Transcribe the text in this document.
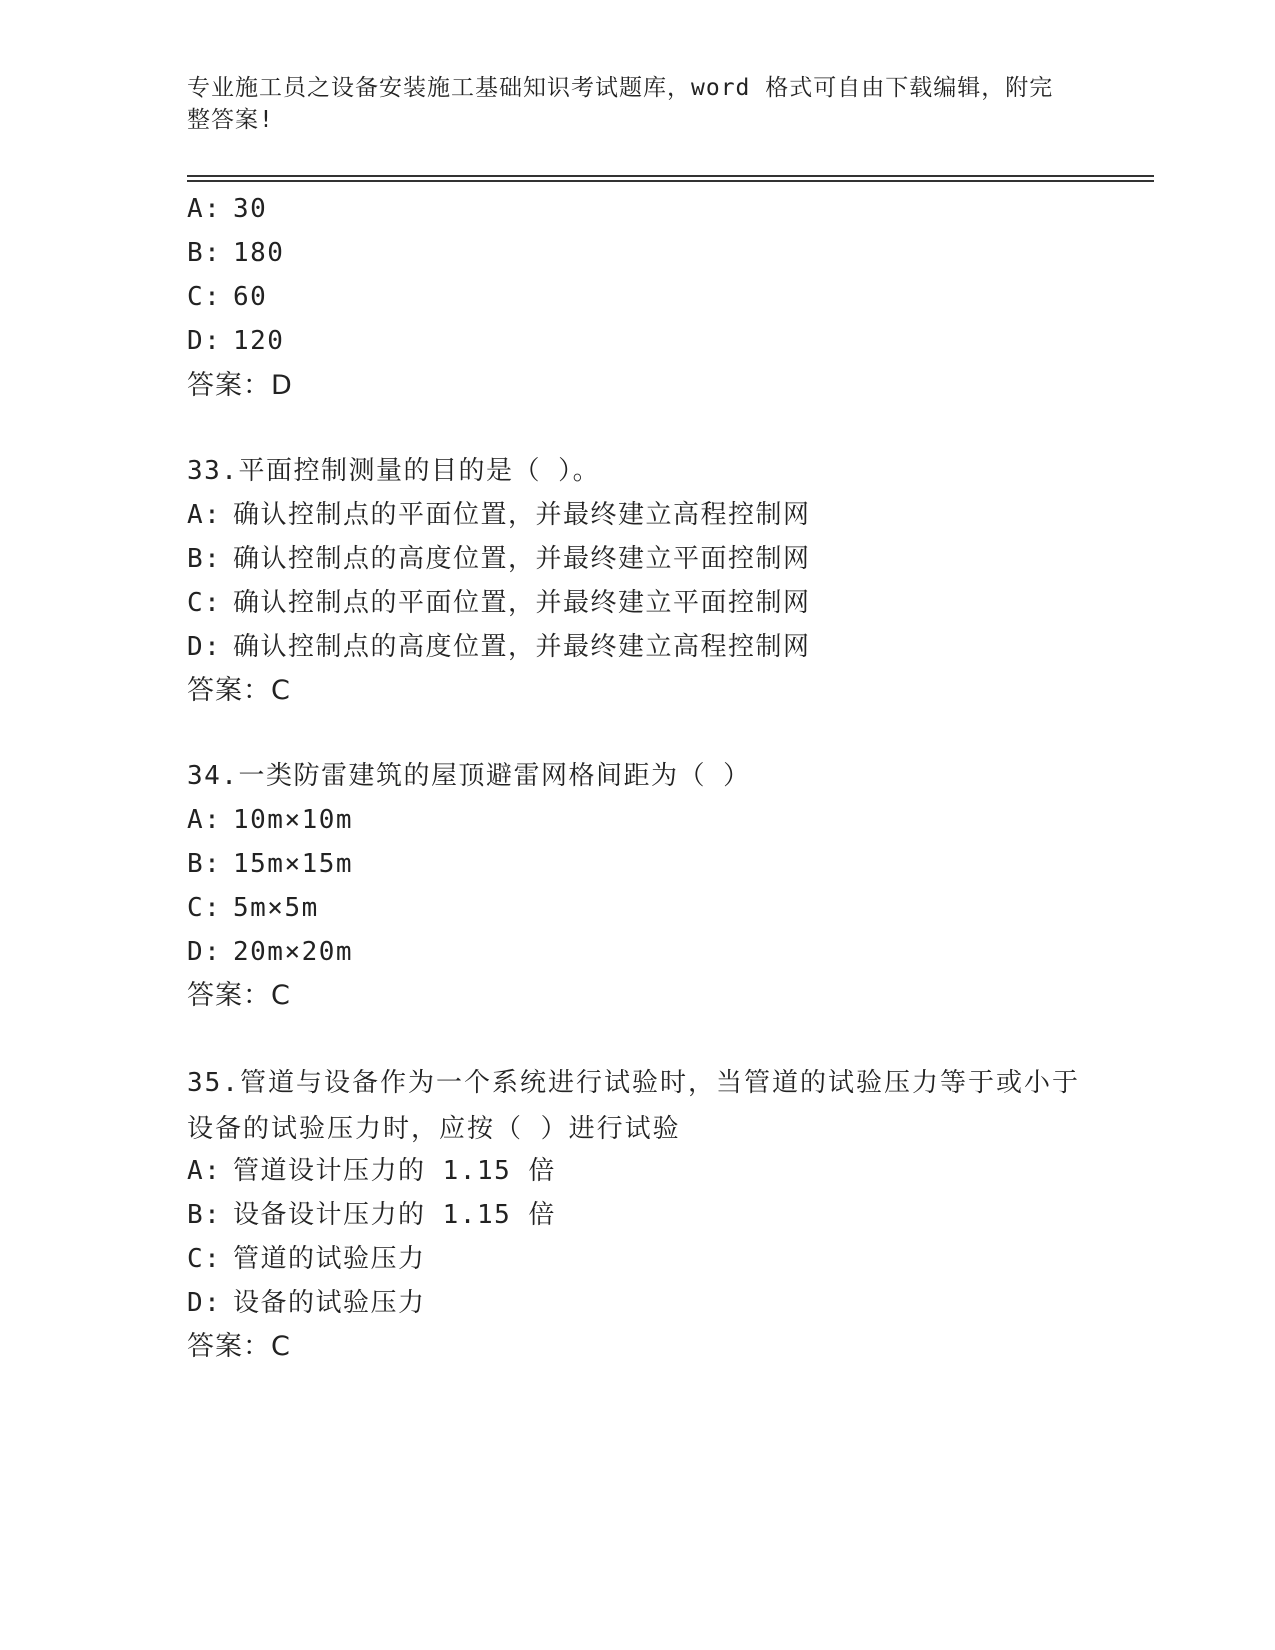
专业施工员之设备安装施工基础知识考试题库，word 格式可自由下载编辑，附完整答案!
A: 30
B: 180
C: 60
D: 120
答案：D
33.平面控制测量的目的是（ ）。
A: 确认控制点的平面位置，并最终建立高程控制网
B: 确认控制点的高度位置，并最终建立平面控制网
C: 确认控制点的平面位置，并最终建立平面控制网
D: 确认控制点的高度位置，并最终建立高程控制网
答案：C
34.一类防雷建筑的屋顶避雷网格间距为（ ）
A: 10m×10m
B: 15m×15m
C: 5m×5m
D: 20m×20m
答案：C
35.管道与设备作为一个系统进行试验时，当管道的试验压力等于或小于设备的试验压力时，应按（ ）进行试验
A: 管道设计压力的 1.15 倍
B: 设备设计压力的 1.15 倍
C: 管道的试验压力
D: 设备的试验压力
答案：C
